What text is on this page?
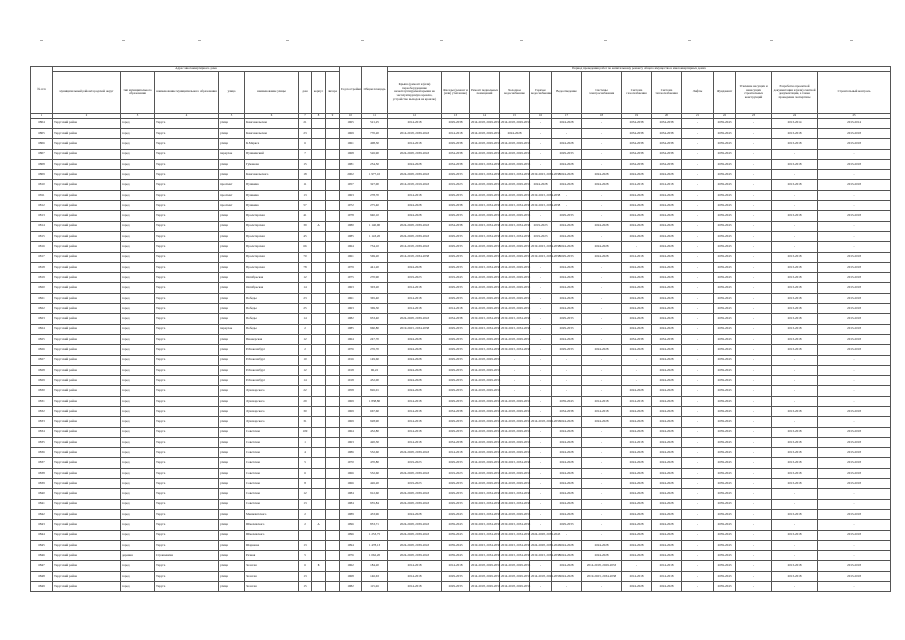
№ п/п	Адрес многоквартирного дома								Год постройки	Общая площадь	Период проведения работ по капитальному ремонту общего имущества в многоквартирных домах													
	муниципальный район/городской округ	тип муниципального образования	наименование муниципального образования	улица	наименование улицы	дом	корпус	литера			Крыша (ремонт и (или) переоборудование неэксплуатируемой крыши на эксплуатируемую кровлю, устройство выходов на кровлю)	Фасады (ремонт и (или) утепление)	Ремонт подвальных помещений	Холодное водоснабжение	Горячее водоснабжение	Водоотведение	Системы электроснабжения	Система газоснабжения	Система теплоснабжения	Лифты	Фундамент	Усиление несущих и ненесущих строительных конструкций	Разработка проектной документации и (или) сметной документации, а также проведение экспертизы	Строительный контроль
1	2	3	4	5	6	7	8	9	10	11	12	13	14	15	16	17	18	19	20	21	22	23	24	25
6804	Тарусский район	город	Таруса	улица	Комсомольская	21			1965	521,25	2014-2018	2029-2038	2014-2018, 2029-2033	2014-2018, 2029-2033	-	2024-2028	-	2034-2038	2034-2038	-	2039-2043	-	2013-2014	2013-2014
6805	Тарусский район	город	Таруса	улица	Комсомольская	23			1969	770,20	2014-2018, 2039-2043	2014-2018	2014-2018, 2029-2033	2024-2028	-	-	-	2034-2038	2034-2038	-	2039-2043	-	2013-2018	2013-2018
6806	Тарусский район	город	Таруса	улица	К.Маркса	6			1961	408,30	2014-2018	2029-2038	2014-2018, 2029-2033	2014-2018, 2029-2033	-	2024-2028	-	2034-2038	2034-2038	-	2039-2043	-	2013-2018	2013-2018
6807	Тарусский район	город	Таруса	переулок	Пушкинский	7			1968	526,90	2024-2028, 2039-2043	2034-2038	2014-2018, 2029-2033	2014-2018, 2029-2033	-	2029-2033	-	2034-2038	2034-2038	-	2039-2043	-	-	-
6808	Тарусский район	город	Таруса	улица	Гуманова	15			1981	254,50	2024-2028	2034-2038	2019-2023, 2034-2038	2014-2018, 2029-2033	-	2024-2028	-	2034-2038	2034-2038	-	2039-2043	-	2013-2018	2013-2018
6809	Тарусский район	город	Таруса	улица	Комсомольского	18			2002	1 977,10	2024-2028, 2039-2043	2029-2033	2019-2023, 2034-2038	2019-2023, 2034-2038	2019-2023, 2034-2038	2024-2028	2024-2028	2024-2028	2024-2028	-	2039-2043	-	-	-
6810	Тарусский район	город	Таруса	проспект	Пушкина	11			1957	327,00	2014-2018, 2019-2043	2019-2023	2014-2018, 2029-2033	2014-2018, 2029-2033	2024-2028	2024-2028	2024-2028	2014-2018	2014-2018	-	2039-2043	-	2013-2018	2013-2018
6811	Тарусский район	город	Таруса	проспект	Пушкина	13			1963	278,70	2014-2018	2029-2033	2014-2018, 2029-2033	2014-2018, 2029-2033	2019-2023, 2034-2038	-	-	2024-2028	2024-2028	-	2039-2043	-	-	-
6812	Тарусский район	город	Таруса	проспект	Пушкина	57			1972	275,40	2024-2028	2029-2038	2019-2023, 2034-2038	2019-2023, 2034-2038	2019-2023, 2034-2038	-	-	2024-2028	2024-2028	-	2039-2043	-	-	-
6813	Тарусский район	город	Таруса	улица	Пролетарская	41			1978	940,10	2024-2028	2029-2033	2014-2018, 2029-2033	2014-2018, 2029-2033	-	2029-2033	-	2024-2028	2024-2028	-	2039-2043	-	2013-2018	2013-2018
6814	Тарусский район	город	Таруса	улица	Пролетарская	39	А		1980	1 140,90	2024-2028, 2039-2043	2034-2038	2019-2023, 2034-2038	2019-2023, 2034-2038	2019-2023	2024-2028	2024-2028	2024-2028	2024-2028	-	2039-2043	-	-	-
6815	Тарусский район	город	Таруса	улица	Пролетарская	45			1985	1 143,20	2024-2028, 2039-2043	2029-2033	2019-2023, 2034-2038	2019-2023, 2034-2038	2019-2023	2024-2028	-	2024-2028	2024-2028	-	2039-2043	-	-	-
6816	Тарусский район	город	Таруса	улица	Пролетарская	66			1964	734,10	2014-2018, 2039-2043	2029-2033	2014-2018, 2029-2033	2014-2018, 2029-2033	2019-2023, 2034-2038	2024-2028	2024-2028	-	2024-2028	-	2039-2043	-	-	-
6817	Тарусский район	город	Таруса	улица	Пролетарская	70			1961	569,20	2014-2018, 2034-2038	2029-2033	2014-2018, 2029-2033	2014-2018, 2029-2033	2019-2023, 2034-2038	2029-2033	2024-2028	2014-2018	2024-2028	-	2039-2043	-	2013-2018	2013-2018
6818	Тарусский район	город	Таруса	улица	Пролетарская	78			1979	441,20	2024-2028	2029-2033	2019-2023, 2034-2038	2014-2018, 2029-2033	-	2024-2028	-	2024-2028	2024-2028	-	2039-2043	-	2013-2018	2013-2018
6819	Тарусский район	город	Таруса	улица	Октябрьская	12			1975	270,90	2019-2023	2019-2043	2014-2018, 2029-2033	2014-2018, 2029-2033	-	2024-2028	-	2024-2028	2024-2028	-	2039-2043	-	2013-2018	2013-2018
6820	Тарусский район	город	Таруса	улица	Октябрьская	14			1963	303,20	2014-2018	2029-2033	2014-2018, 2029-2033	2014-2018, 2029-2033	-	2024-2028	-	2024-2028	2024-2028	-	2039-2043	-	2013-2018	2013-2018
6821	Тарусский район	город	Таруса	улица	Победы	23			1961	365,40	2014-2018	2029-2033	2014-2018, 2029-2033	2014-2018, 2029-2033	-	2024-2028	-	2024-2028	2024-2028	-	2039-2043	-	2013-2018	2013-2018
6822	Тарусский район	город	Таруса	улица	Победы	25			1963	369,30	2014-2018	2014-2018	2014-2018, 2029-2033	2014-2018, 2029-2033	-	2024-2028	-	2024-2028	2024-2028	-	2039-2043	-	2013-2018	2013-2018
6823	Тарусский район	город	Таруса	улица	Победы	14			1982	933,40	2024-2028, 2039-2043	2034-2038	2019-2023, 2034-2038	2019-2023, 2034-2038	-	2029-2033	-	2024-2028	2024-2028	-	2039-2043	-	2013-2018	2013-2018
6824	Тарусский район	город	Таруса	переулок	Победы	2			1985	960,80	2019-2023, 2034-2038	2029-2033	2019-2023, 2034-2038	2019-2023, 2034-2038	-	2029-2033	-	2024-2028	2024-2028	-	2039-2043	-	2013-2018	2013-2018
6825	Тарусский район	город	Таруса	улица	Пионерская	12			1964	247,70	2024-2028	2029-2033	2014-2018, 2029-2033	2014-2018, 2029-2033	-	2024-2028	-	2034-2038	2034-2038	-	2039-2043	-	2013-2018	2013-2018
6826	Тарусский район	город	Таруса	улица	Р.Люксембург	2			1976	276,70	2024-2028	2029-2033	2019-2023, 2034-2038	2019-2023, 2034-2038	-	2029-2033	2024-2028	2024-2028	2024-2028	-	2039-2043	-	2013-2018	2013-2018
6827	Тарусский район	город	Таруса	улица	Р.Люксембург	10			1916	149,60	2024-2028	2029-2033	2014-2018, 2029-2033	-	-	-	-	-	2024-2028	-	2039-2043	-	-	-
6828	Тарусский район	город	Таруса	улица	Р.Люксембург	12			1918	96,22	2024-2028	2029-2033	2014-2018, 2029-2033	-	-	-	-	-	2024-2028	-	2039-2043	-	-	-
6829	Тарусский район	город	Таруса	улица	Р.Люксембург	14			1918	452,00	2024-2028	2029-2033	2014-2018, 2029-2033	-	-	-	-	-	2024-2028	-	2039-2043	-	-	-
6830	Тарусский район	город	Таруса	улица	Луначарского	22			1958	826,01	2024-2028	2029-2033	2014-2018, 2029-2033	-	-	-	-	2024-2028	2024-2028	-	2039-2043	-	-	-
6831	Тарусский район	город	Таруса	улица	Луначарского	29			1969	1 838,80	2014-2018	2029-2033	2014-2018, 2029-2033	2014-2018, 2029-2033	-	2039-2043	2014-2018	2014-2018	2024-2028	-	2039-2043	-	-	-
6832	Тарусский район	город	Таруса	улица	Луначарского	30			1969	667,60	2014-2018	2034-2038	2014-2018, 2029-2033	2014-2018, 2029-2033	-	2034-2038	2014-2018	2024-2028	2024-2028	-	2039-2043	-	2013-2018	2013-2018
6833	Тарусский район	город	Таруса	улица	Луначарского	31			1969	928,90	2014-2018	2029-2033	2014-2018, 2029-2033	2014-2018, 2029-2033	2014-2018, 2029-2033	2024-2028	2024-2028	2024-2028	2024-2028	-	2039-2043	-	-	-
6834	Тарусский район	город	Таруса	улица	Советская	109			1964	452,80	2014-2018	2029-2033	2014-2018, 2029-2033	2014-2018, 2029-2033	-	2024-2028	-	2024-2028	2024-2028	-	2039-2043	-	2013-2018	2013-2018
6835	Тарусский район	город	Таруса	улица	Советская	1			1963	420,30	2014-2018	2034-2038	2014-2018, 2029-2033	2014-2018, 2029-2033	-	2024-2028	-	2014-2018	2024-2028	-	2039-2043	-	2013-2018	2013-2018
6836	Тарусский район	город	Таруса	улица	Советская	4			1986	532,60	2024-2028, 2039-2043	2014-2018	2014-2018, 2029-2033	2014-2018, 2029-2033	-	2024-2028	-	2024-2028	2024-2028	-	2039-2043	-	2013-2018	2013-2018
6837	Тарусский район	город	Таруса	улица	Советская	5			1970	470,80	2019-2023	2029-2033	2014-2018, 2029-2033	2019-2023, 2034-2038	-	2024-2028	-	2024-2028	2024-2028	-	2039-2043	-	2013-2018	2013-2018
6838	Тарусский район	город	Таруса	улица	Советская	6			1966	532,60	2024-2028, 2039-2043	2019-2023	2014-2018, 2029-2033	2014-2018, 2029-2033	-	2024-2028	-	2024-2028	2024-2028	-	2039-2043	-	2013-2018	2013-2018
6839	Тарусский район	город	Таруса	улица	Советская	8			1966	426,20	2019-2023	2029-2033	2014-2018, 2029-2033	2014-2018, 2029-2033	-	2024-2028	-	2024-2028	2024-2028	-	2039-2043	-	2013-2018	2013-2018
6840	Тарусский район	город	Таруса	улица	Советская	12			1984	912,60	2024-2028, 2039-2043	2029-2033	2019-2023, 2034-2038	2019-2023, 2034-2038	-	2024-2028	-	2024-2028	2024-2028	-	2039-2043	-	-	-
6841	Тарусский район	город	Таруса	улица	Советская	13			1984	955,84	2024-2028, 2039-2043	2029-2033	2019-2023, 2034-2038	2019-2023, 2034-2038	-	2024-2028	-	2024-2028	2024-2028	-	2039-2043	-	-	-
6842	Тарусский район	город	Таруса	улица	Мышеватского	2			1989	433,96	2024-2028	2029-2043	2019-2023, 2034-2038	2014-2018, 2029-2033	-	2024-2028	-	2024-2028	2024-2028	-	2039-2043	-	2013-2018	2013-2018
6843	Тарусский район	город	Таруса	улица	Шмелевского	2	А		1996	853,71	2024-2028, 2039-2043	2039-2043	2019-2023, 2034-2038	2019-2023, 2034-2038	-	2029-2033	-	2024-2028	2024-2028	-	2039-2043	-	-	-
6844	Тарусский район	город	Таруса	улица	Шмелевского				1996	1 253,75	2024-2028, 2039-2043	2039-2043	2019-2023, 2034-2038	2019-2023, 2034-2038	2024-2028, 2039-2043	-	-	2024-2028	2024-2028	-	2039-2043	-	2013-2018	2013-2018
6845	Тарусский район	город	Таруса	улица	Шаршова	13			1994	1 478,13	2024-2028, 2039-2043	2039-2043	2019-2023, 2034-2038	2019-2023, 2034-2038	2024-2028, 2039-2043	2024-2028	2024-2028	2024-2028	2024-2028	-	2039-2043	-	-	-
6846	Тарусский район	деревня	Страшевичи	улица	Речная	5			1976	1 062,20	2024-2028, 2039-2043	2039-2043	2019-2023, 2034-2038	2019-2023, 2034-2038	2019-2023, 2034-2038	2024-2028	2024-2028	2024-2028	2024-2028	-	2039-2043	-	-	-
6847	Тарусский район	город	Таруса	улица	Золотая	6	Б		1962	184,20	2014-2018	2014-2018	2014-2018, 2029-2033	2014-2018, 2029-2033	-	2024-2028	2014-2018, 2029-2033	-	2014-2018	-	2039-2043	-	2013-2018	2013-2018
6848	Тарусский район	город	Таруса	улица	Золотая	13			1968	146,63	2014-2018	2029-2033	2014-2018, 2029-2033	2014-2018, 2029-2033	2014-2018, 2029-2033	2024-2028	2019-2023, 2034-2038	2014-2018	2014-2018	-	2039-2043	-	2013-2018	2013-2018
6849	Тарусский район	город	Таруса	улица	Золотая	15			1982	115,26	2014-2018	2029-2033	2014-2018, 2029-2033	2014-2018, 2029-2033	-	-	-	2024-2028	2024-2028	-	2039-2043	-	-	-
